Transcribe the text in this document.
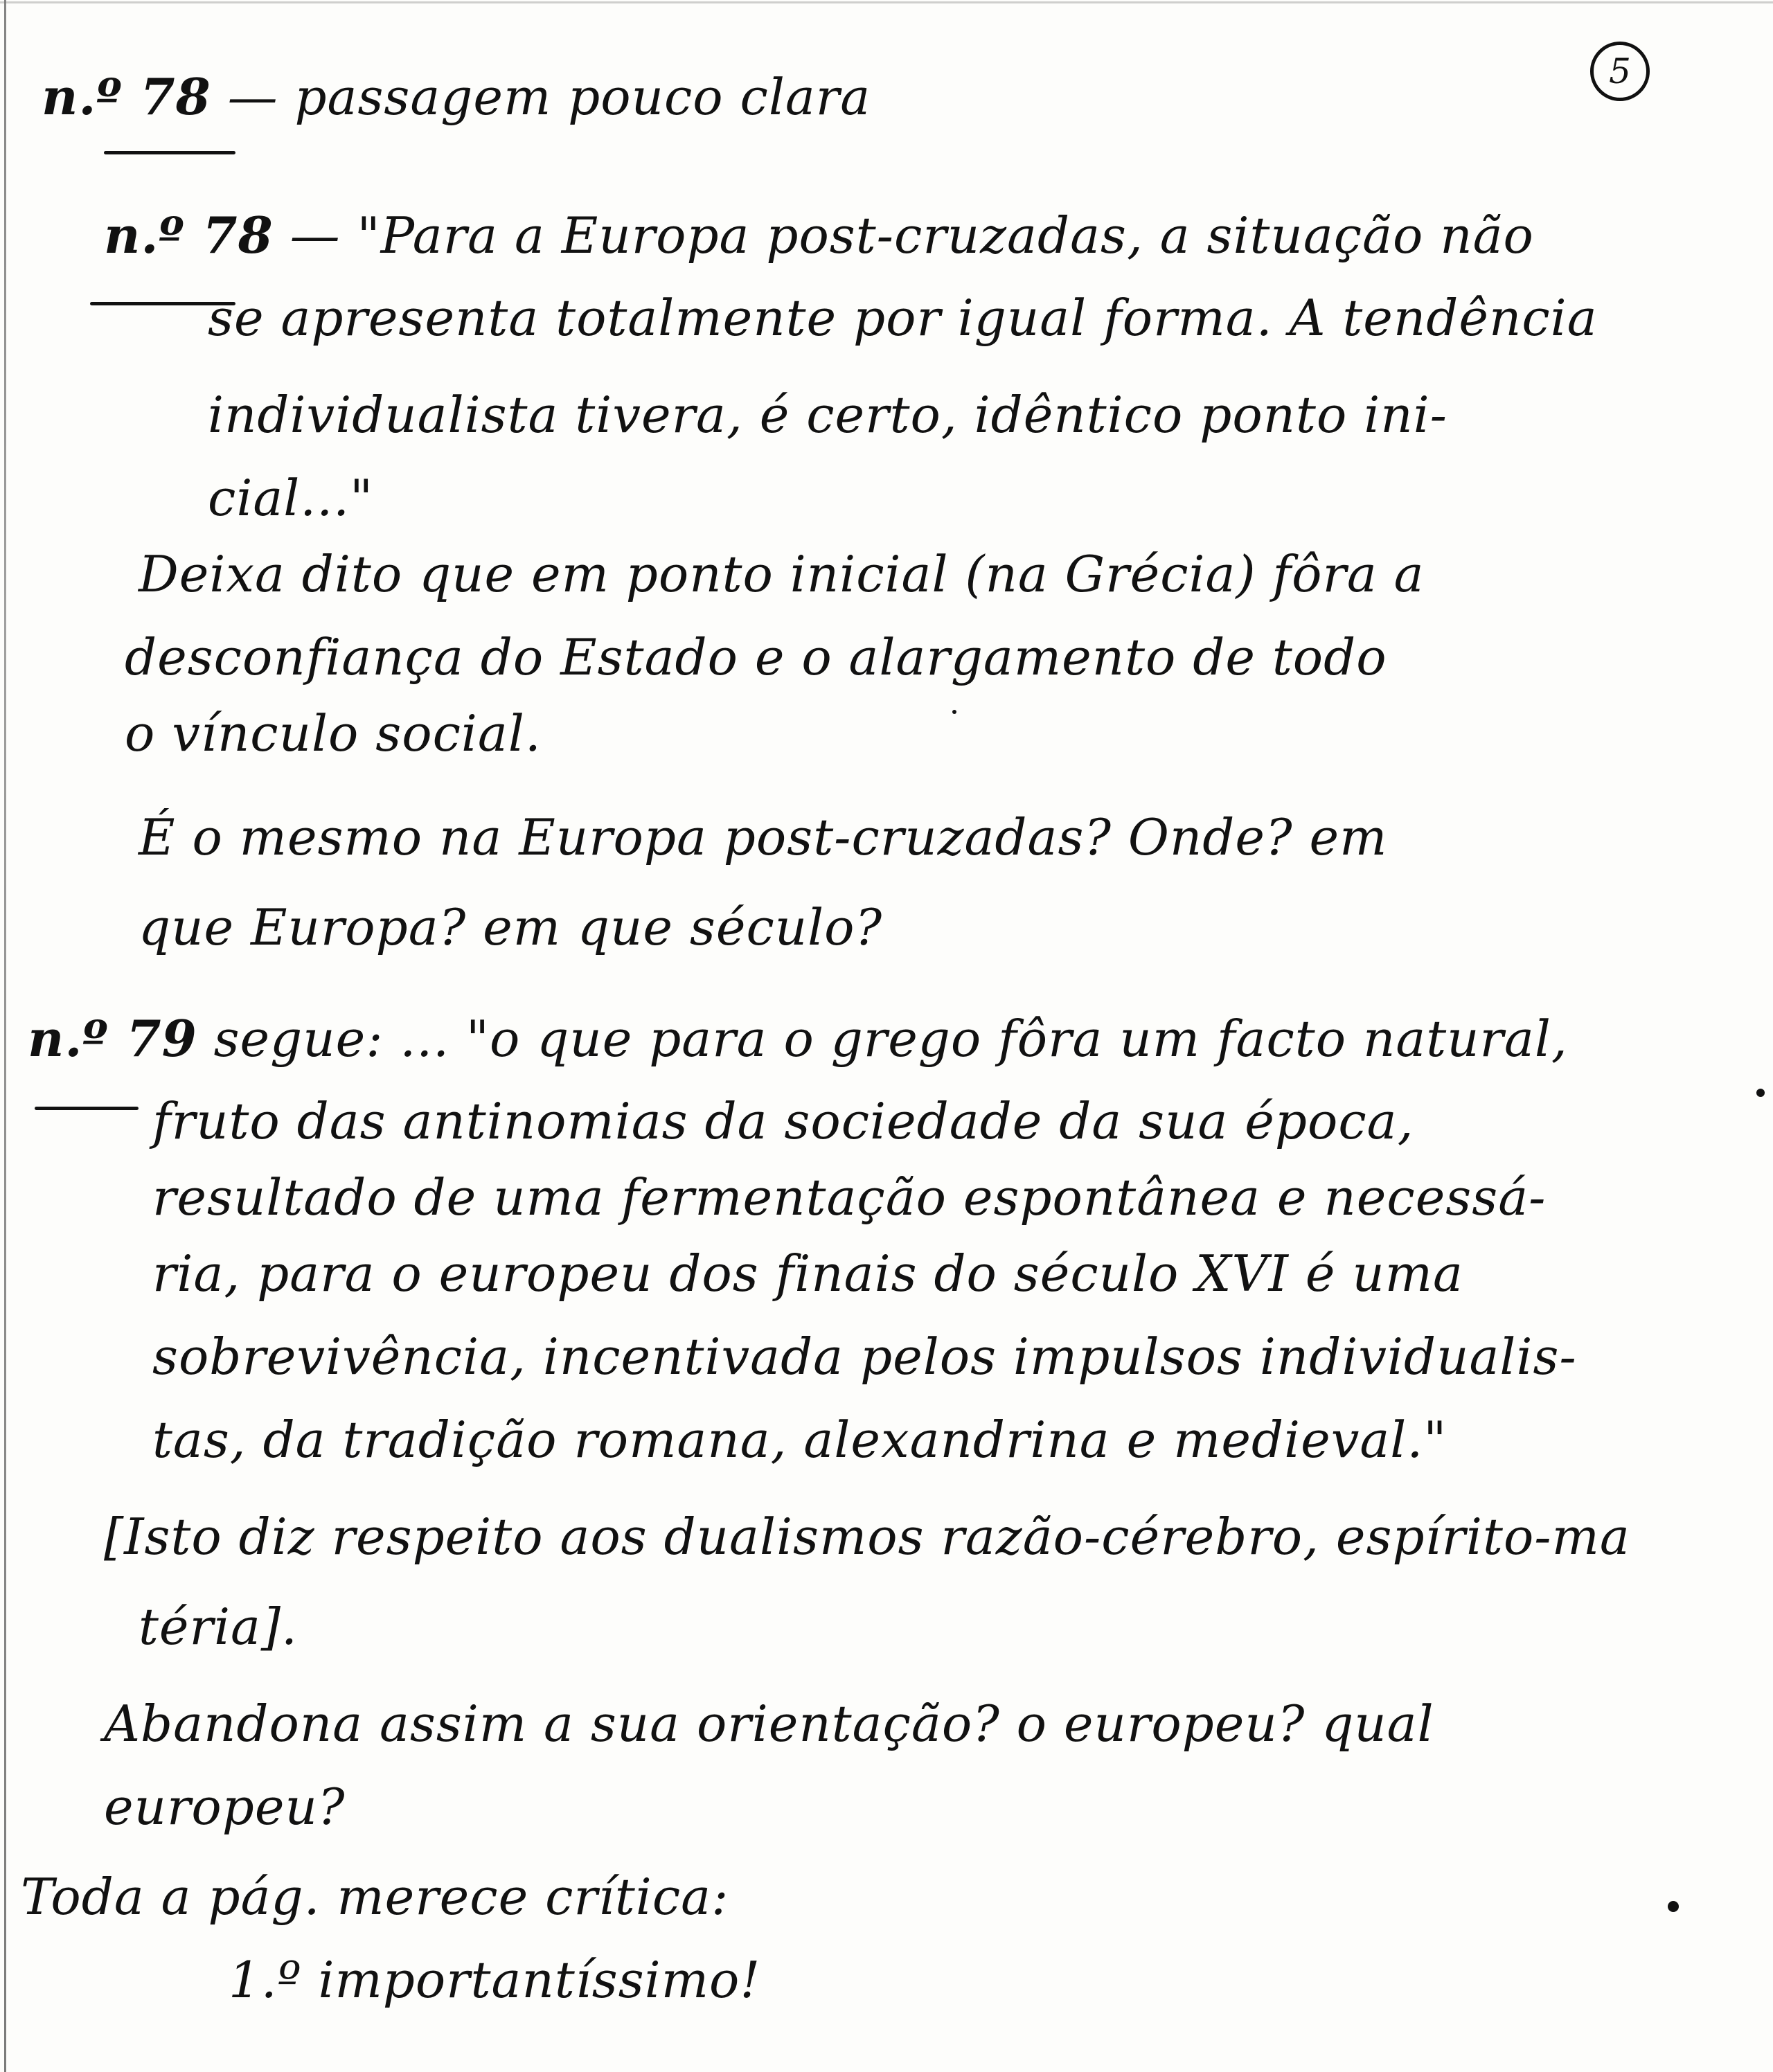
5
n.º 78 — passagem pouco clara
n.º 78 — "Para a Europa post-cruzadas, a situação não
se apresenta totalmente por igual forma. A tendência
individualista tivera, é certo, idêntico ponto ini-
cial..."
Deixa dito que em ponto inicial (na Grécia) fôra a
desconfiança do Estado e o alargamento de todo
o vínculo social.
É o mesmo na Europa post-cruzadas? Onde? em
que Europa? em que século?
n.º 79 segue: ... "o que para o grego fôra um facto natural,
fruto das antinomias da sociedade da sua época,
resultado de uma fermentação espontânea e necessá-
ria, para o europeu dos finais do século XVI é uma
sobrevivência, incentivada pelos impulsos individualis-
tas, da tradição romana, alexandrina e medieval."
[Isto diz respeito aos dualismos razão-cérebro, espírito-ma
téria].
Abandona assim a sua orientação? o europeu? qual
europeu?
Toda a pág. merece crítica:
1.º importantíssimo!
